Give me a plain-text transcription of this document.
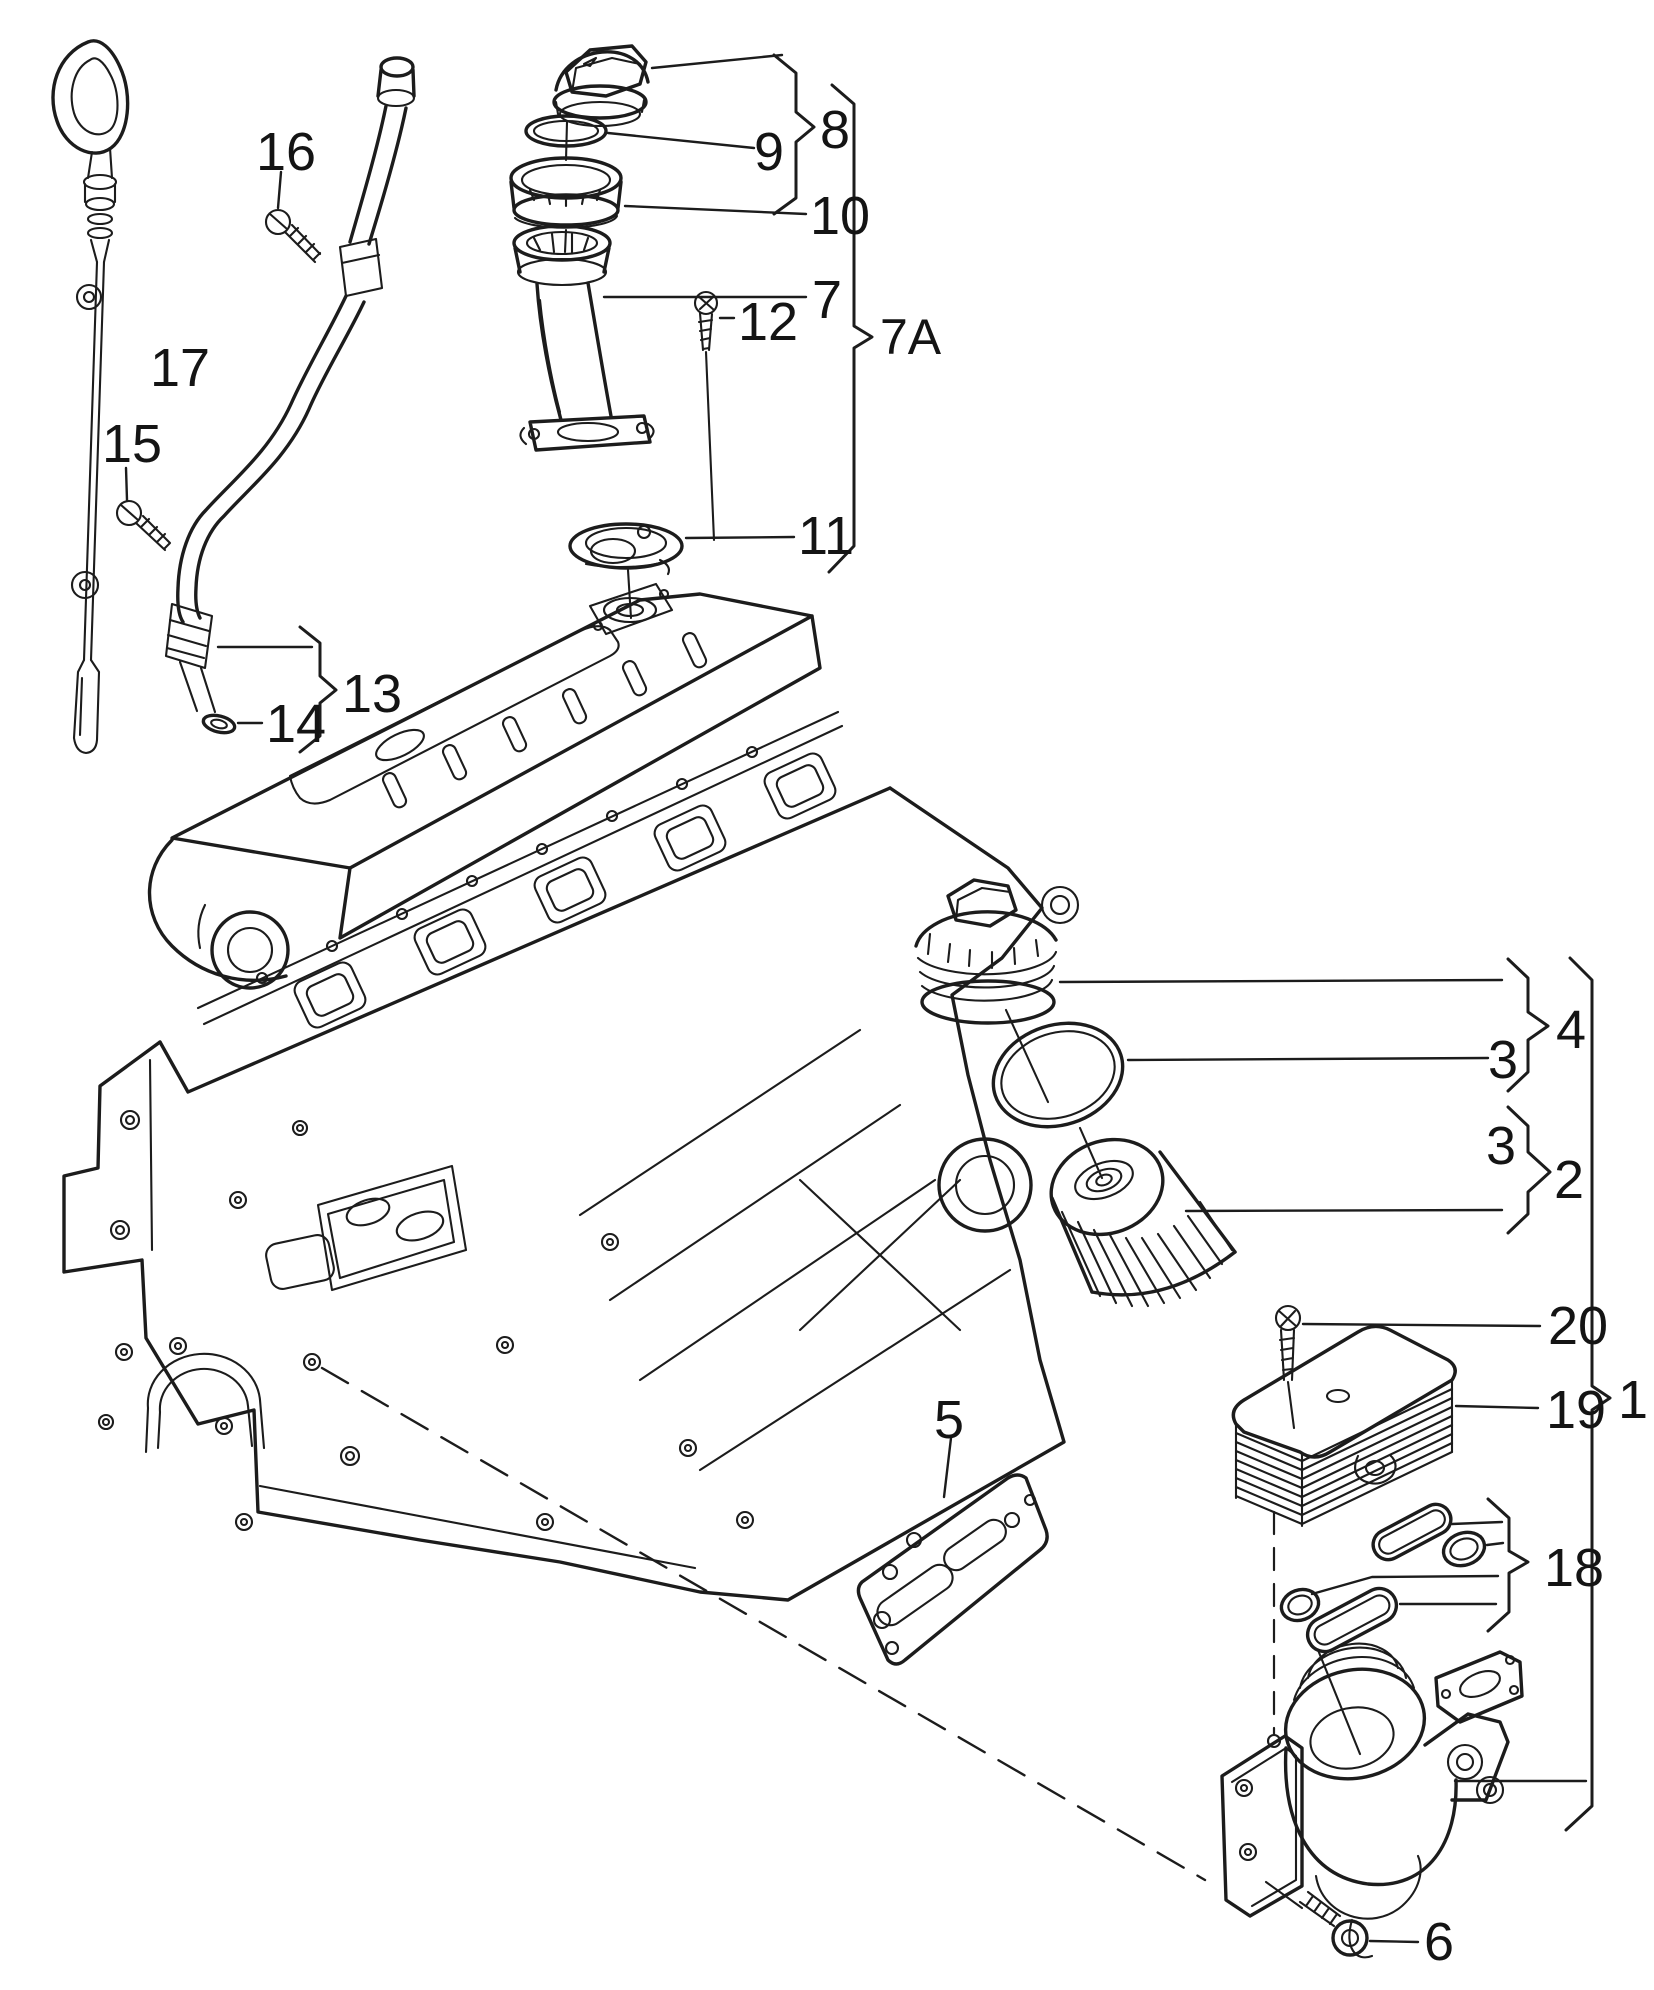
17
16
15
14 13
12
8
9
10
7
7A
11
4
3
3
2
20
19 1
18
5
6
